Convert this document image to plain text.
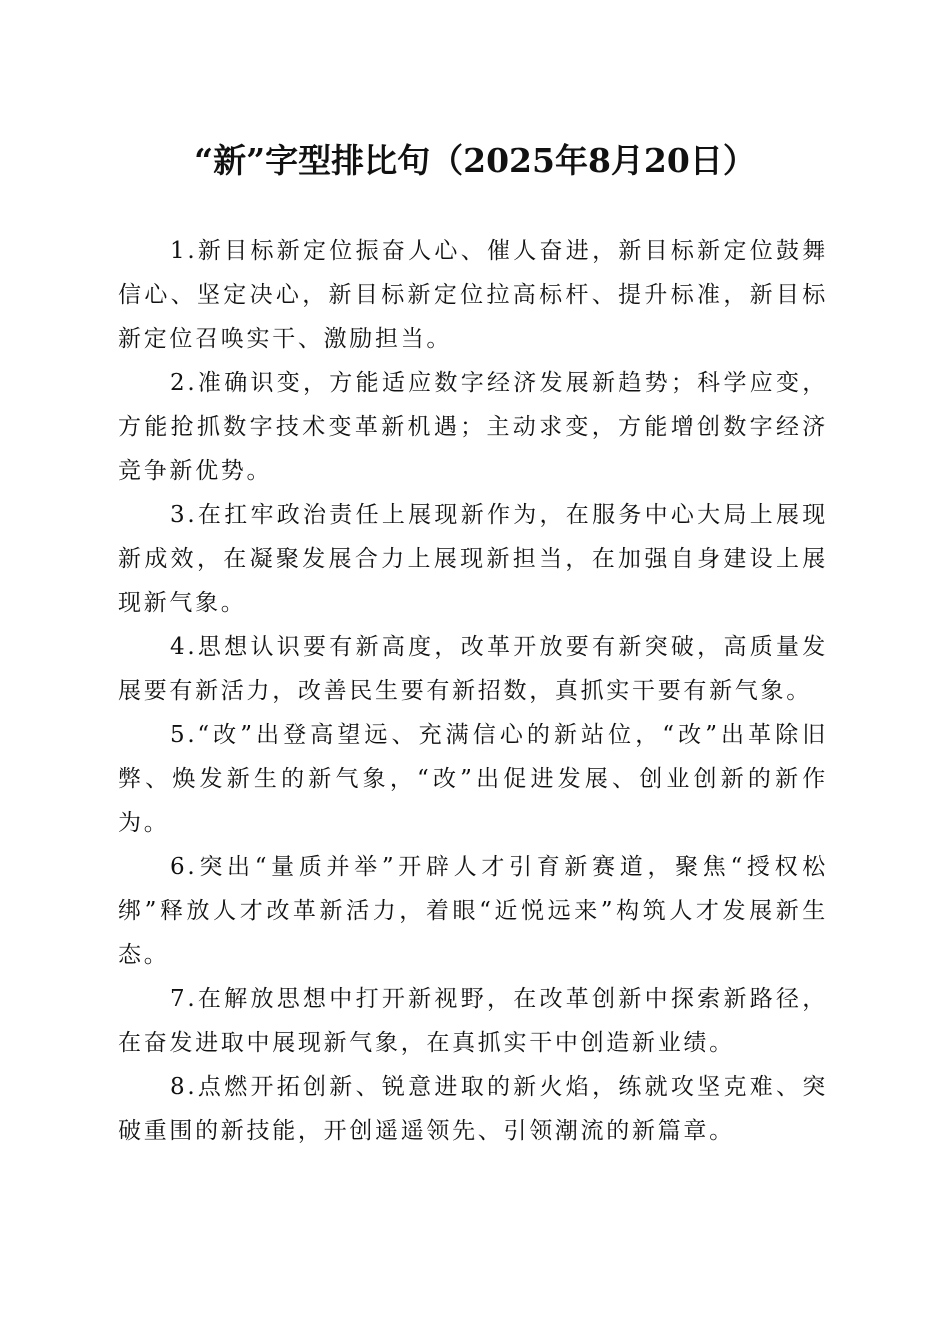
“新”字型排比句（2025年8月20日）

1.新目标新定位振奋人心、催人奋进，新目标新定位鼓舞信心、坚定决心，新目标新定位拉高标杆、提升标准，新目标新定位召唤实干、激励担当。

2.准确识变，方能适应数字经济发展新趋势；科学应变，方能抢抓数字技术变革新机遇；主动求变，方能增创数字经济竞争新优势。

3.在扛牢政治责任上展现新作为，在服务中心大局上展现新成效，在凝聚发展合力上展现新担当，在加强自身建设上展现新气象。

4.思想认识要有新高度，改革开放要有新突破，高质量发展要有新活力，改善民生要有新招数，真抓实干要有新气象。

5.“改”出登高望远、充满信心的新站位，“改”出革除旧弊、焕发新生的新气象，“改”出促进发展、创业创新的新作为。

6.突出“量质并举”开辟人才引育新赛道，聚焦“授权松绑”释放人才改革新活力，着眼“近悦远来”构筑人才发展新生态。

7.在解放思想中打开新视野，在改革创新中探索新路径，在奋发进取中展现新气象，在真抓实干中创造新业绩。

8.点燃开拓创新、锐意进取的新火焰，练就攻坚克难、突破重围的新技能，开创遥遥领先、引领潮流的新篇章。
